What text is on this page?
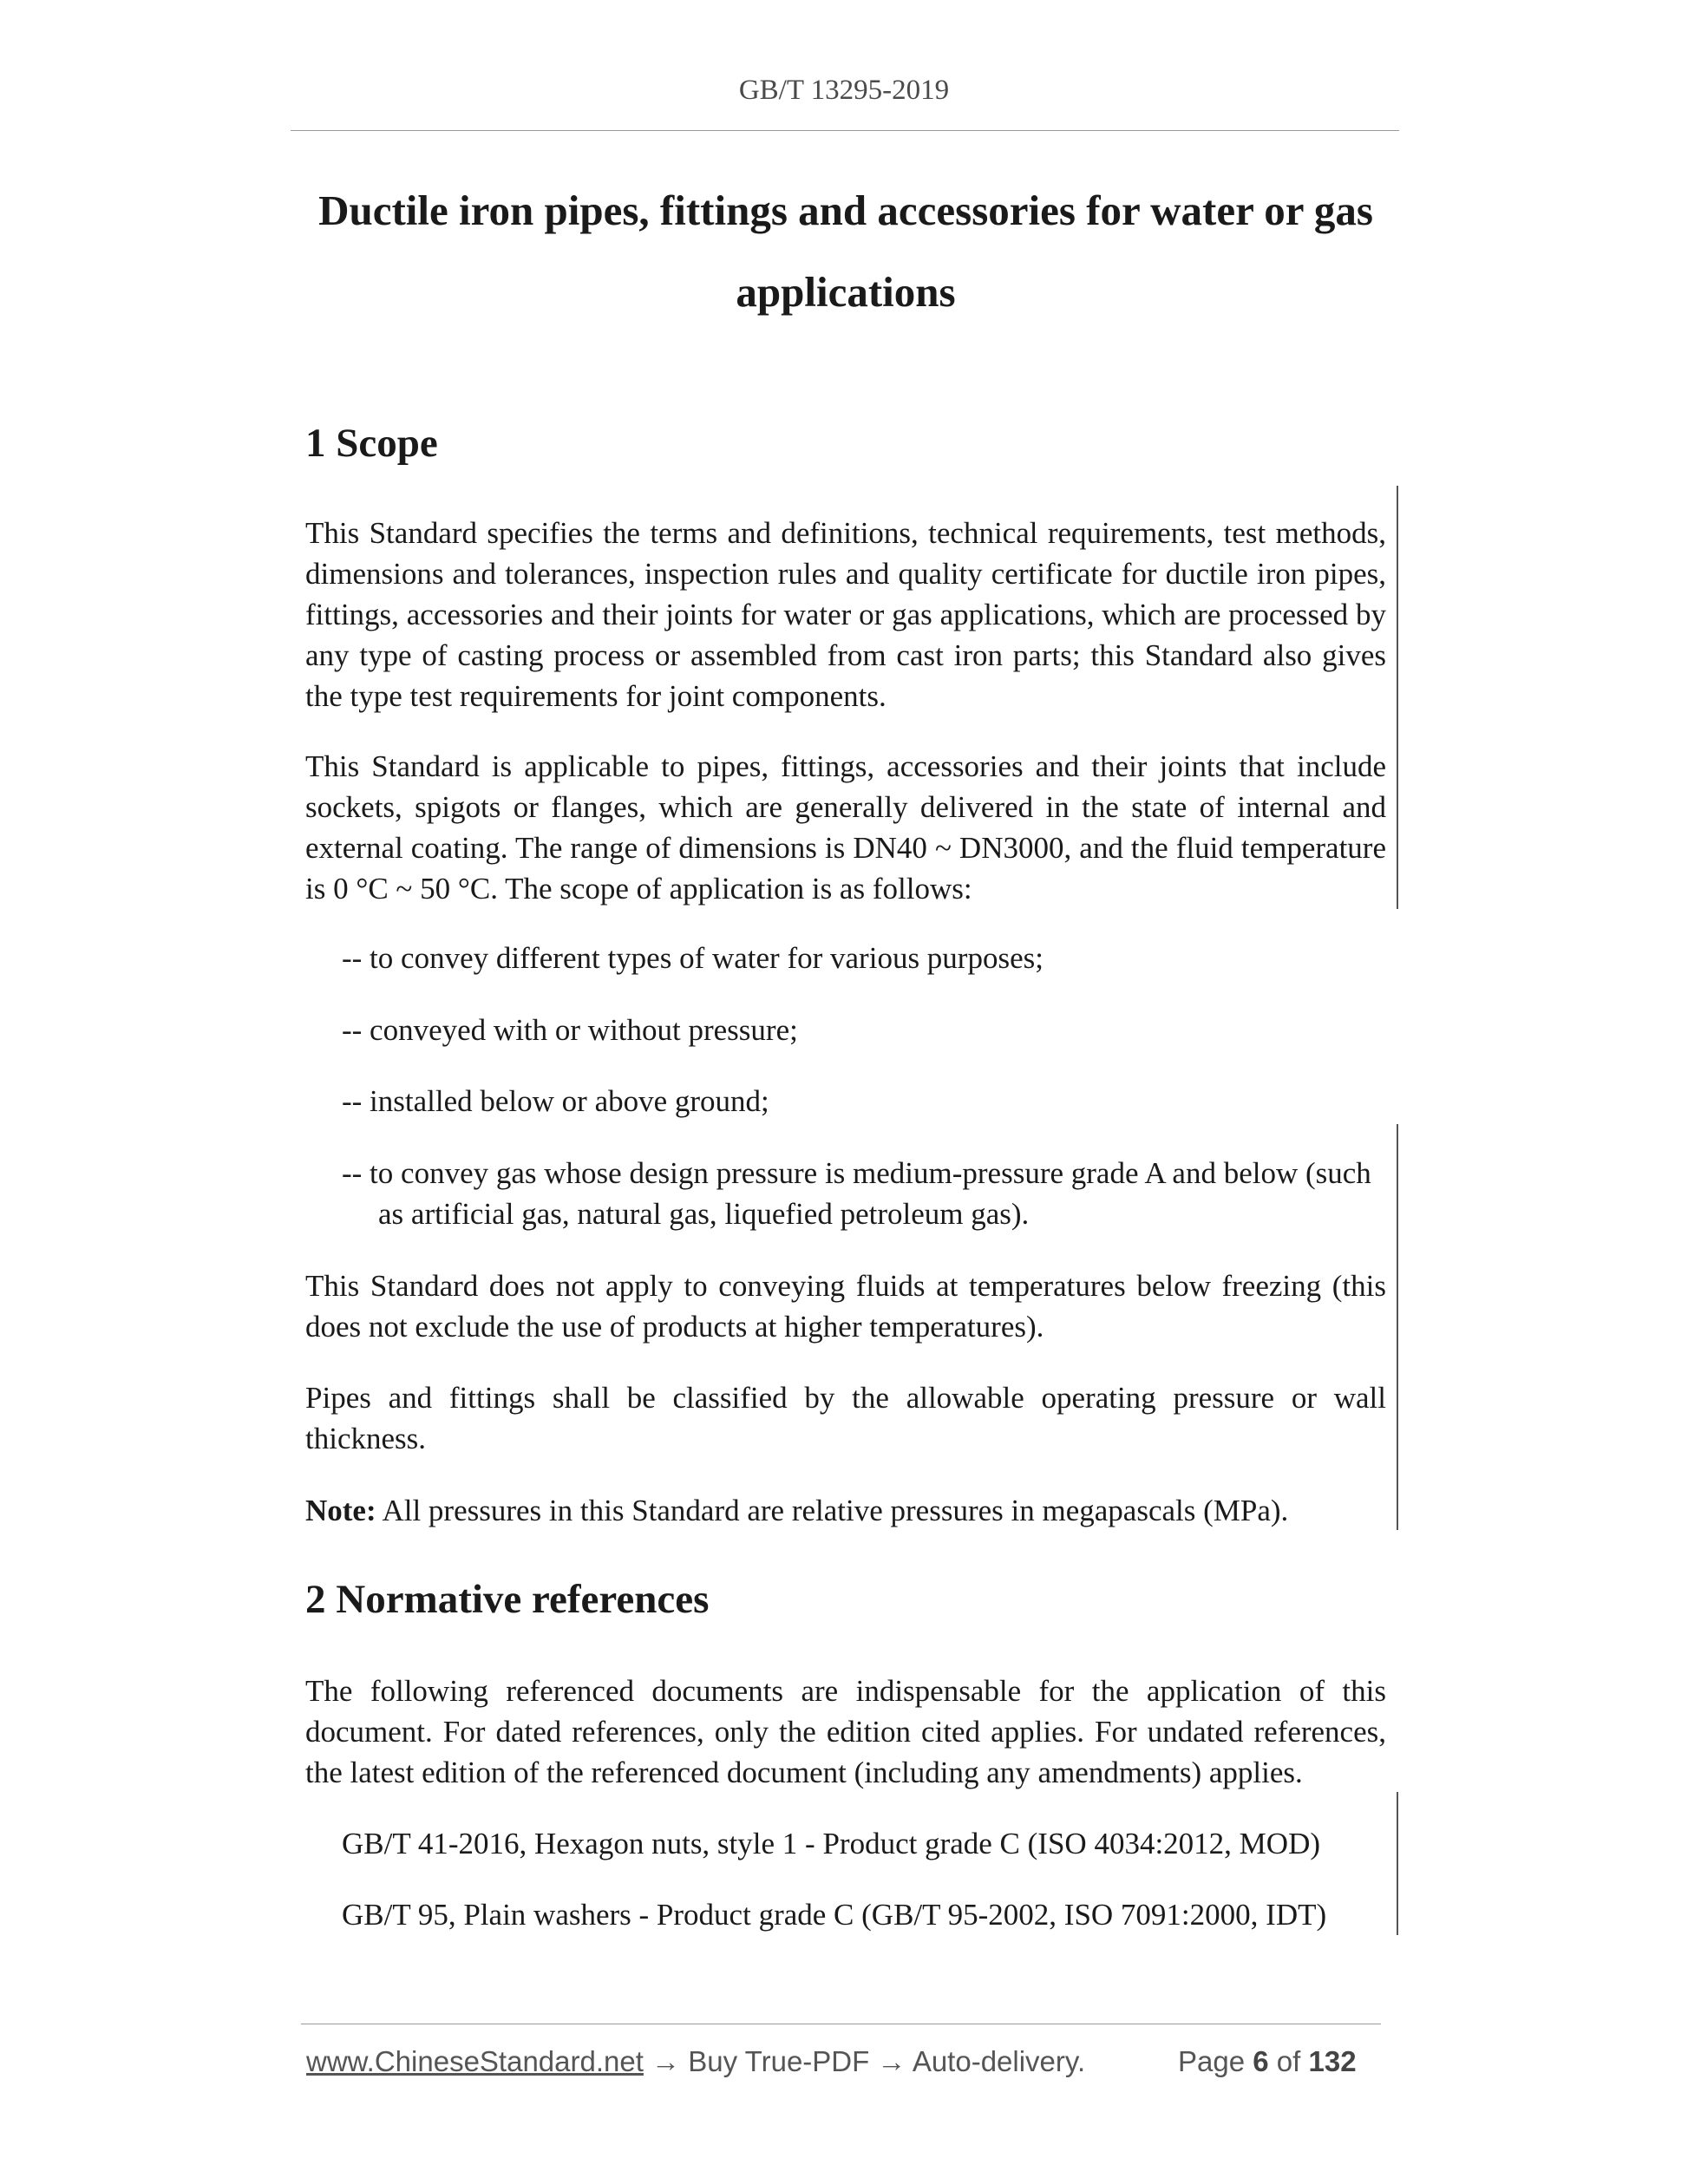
GB/T 13295-2019
Ductile iron pipes, fittings and accessories for water or gas
applications
1 Scope

This Standard specifies the terms and definitions, technical requirements, test methods, dimensions and tolerances, inspection rules and quality certificate for ductile iron pipes, fittings, accessories and their joints for water or gas applications, which are processed by any type of casting process or assembled from cast iron parts; this Standard also gives the type test requirements for joint components.

This Standard is applicable to pipes, fittings, accessories and their joints that include sockets, spigots or flanges, which are generally delivered in the state of internal and external coating. The range of dimensions is DN40 ~ DN3000, and the fluid temperature is 0 °C ~ 50 °C. The scope of application is as follows:

-- to convey different types of water for various purposes;

-- conveyed with or without pressure;

-- installed below or above ground;

-- to convey gas whose design pressure is medium-pressure grade A and below (such as artificial gas, natural gas, liquefied petroleum gas).

This Standard does not apply to conveying fluids at temperatures below freezing (this does not exclude the use of products at higher temperatures).

Pipes and fittings shall be classified by the allowable operating pressure or wall thickness.

Note: All pressures in this Standard are relative pressures in megapascals (MPa).

2 Normative references

The following referenced documents are indispensable for the application of this document. For dated references, only the edition cited applies. For undated references, the latest edition of the referenced document (including any amendments) applies.

GB/T 41-2016, Hexagon nuts, style 1 - Product grade C (ISO 4034:2012, MOD)

GB/T 95, Plain washers - Product grade C (GB/T 95-2002, ISO 7091:2000, IDT)

www.ChineseStandard.net → Buy True-PDF → Auto-delivery.	Page 6 of 132
